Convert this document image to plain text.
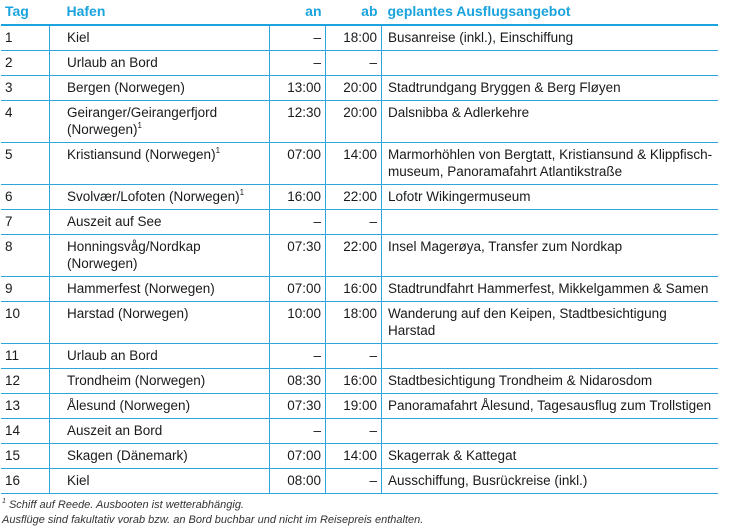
Tag	Hafen	an	ab	geplantes Ausflugsangebot
1	Kiel	–	18:00	Busanreise (inkl.), Einschiffung
2	Urlaub an Bord	–	–	
3	Bergen (Norwegen)	13:00	20:00	Stadtrundgang Bryggen & Berg Fløyen
4	Geiranger/Geirangerfjord (Norwegen)$^1$	12:30	20:00	Dalsnibba & Adlerkehre
5	Kristiansund (Norwegen)$^1$	07:00	14:00	Marmorhöhlen von Bergtatt, Kristiansund & Klippfisch-museum, Panoramafahrt Atlantikstraße
6	Svolvær/Lofoten (Norwegen)$^1$	16:00	22:00	Lofotr Wikingermuseum
7	Auszeit auf See	–	–	
8	Honningsvåg/Nordkap (Norwegen)	07:30	22:00	Insel Magerøya, Transfer zum Nordkap
9	Hammerfest (Norwegen)	07:00	16:00	Stadtrundfahrt Hammerfest, Mikkelgammen & Samen
10	Harstad (Norwegen)	10:00	18:00	Wanderung auf den Keipen, Stadtbesichtigung Harstad
11	Urlaub an Bord	–	–	
12	Trondheim (Norwegen)	08:30	16:00	Stadtbesichtigung Trondheim & Nidarosdom
13	Ålesund (Norwegen)	07:30	19:00	Panoramafahrt Ålesund, Tagesausflug zum Trollstigen
14	Auszeit an Bord	–	–	
15	Skagen (Dänemark)	07:00	14:00	Skagerrak & Kattegat
16	Kiel	08:00	–	Ausschiffung, Busrückreise (inkl.)
$^1$ Schiff auf Reede. Ausbooten ist wetterabhängig.
Ausflüge sind fakultativ vorab bzw. an Bord buchbar und nicht im Reisepreis enthalten.
